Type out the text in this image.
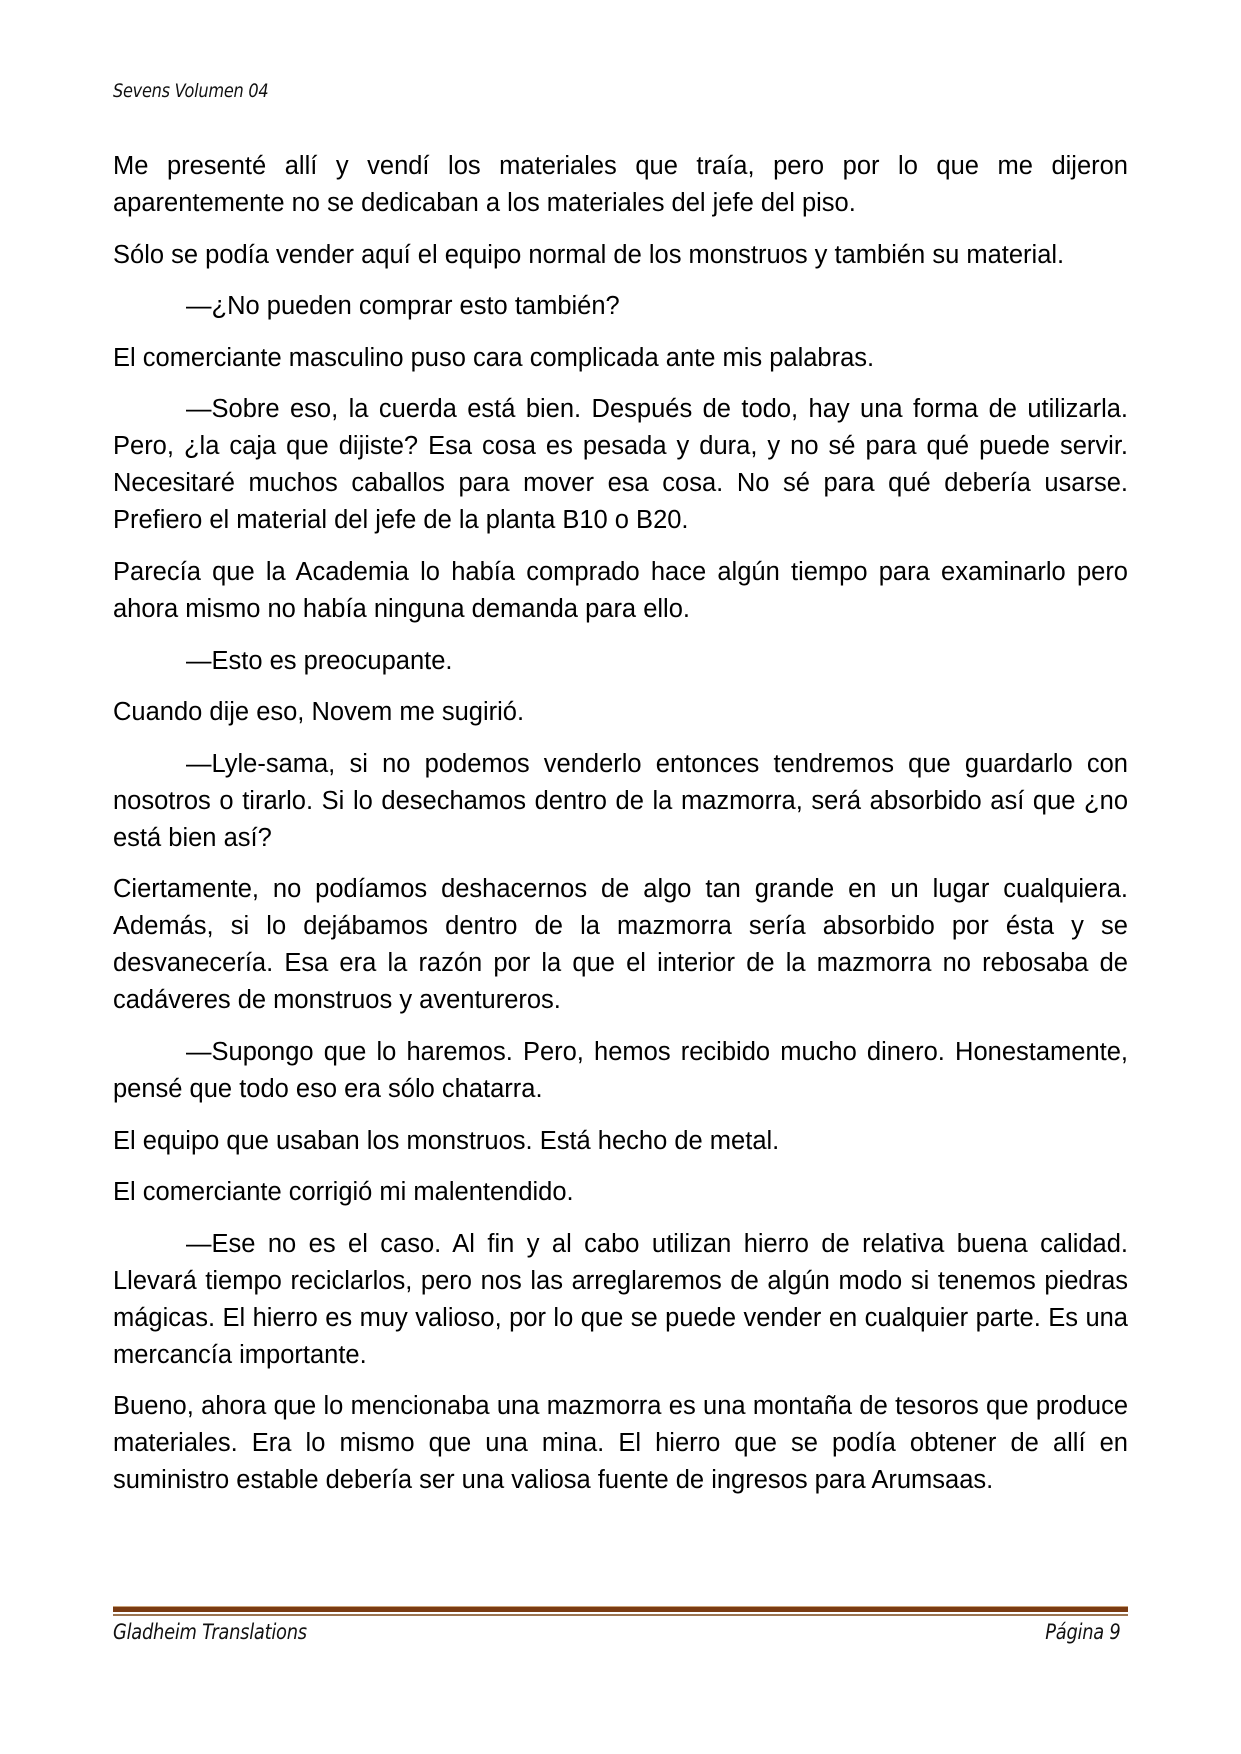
Sevens Volumen 04

Me presenté allí y vendí los materiales que traía, pero por lo que me dijeron aparentemente no se dedicaban a los materiales del jefe del piso.

Sólo se podía vender aquí el equipo normal de los monstruos y también su material.

—¿No pueden comprar esto también?

El comerciante masculino puso cara complicada ante mis palabras.

—Sobre eso, la cuerda está bien. Después de todo, hay una forma de utilizarla. Pero, ¿la caja que dijiste? Esa cosa es pesada y dura, y no sé para qué puede servir. Necesitaré muchos caballos para mover esa cosa. No sé para qué debería usarse. Prefiero el material del jefe de la planta B10 o B20.

Parecía que la Academia lo había comprado hace algún tiempo para examinarlo pero ahora mismo no había ninguna demanda para ello.

—Esto es preocupante.

Cuando dije eso, Novem me sugirió.

—Lyle-sama, si no podemos venderlo entonces tendremos que guardarlo con nosotros o tirarlo. Si lo desechamos dentro de la mazmorra, será absorbido así que ¿no está bien así?

Ciertamente, no podíamos deshacernos de algo tan grande en un lugar cualquiera. Además, si lo dejábamos dentro de la mazmorra sería absorbido por ésta y se desvanecería. Esa era la razón por la que el interior de la mazmorra no rebosaba de cadáveres de monstruos y aventureros.

—Supongo que lo haremos. Pero, hemos recibido mucho dinero. Honestamente, pensé que todo eso era sólo chatarra.

El equipo que usaban los monstruos. Está hecho de metal.

El comerciante corrigió mi malentendido.

—Ese no es el caso. Al fin y al cabo utilizan hierro de relativa buena calidad. Llevará tiempo reciclarlos, pero nos las arreglaremos de algún modo si tenemos piedras mágicas. El hierro es muy valioso, por lo que se puede vender en cualquier parte. Es una mercancía importante.

Bueno, ahora que lo mencionaba una mazmorra es una montaña de tesoros que produce materiales. Era lo mismo que una mina. El hierro que se podía obtener de allí en suministro estable debería ser una valiosa fuente de ingresos para Arumsaas.

Gladheim Translations	Página 9
